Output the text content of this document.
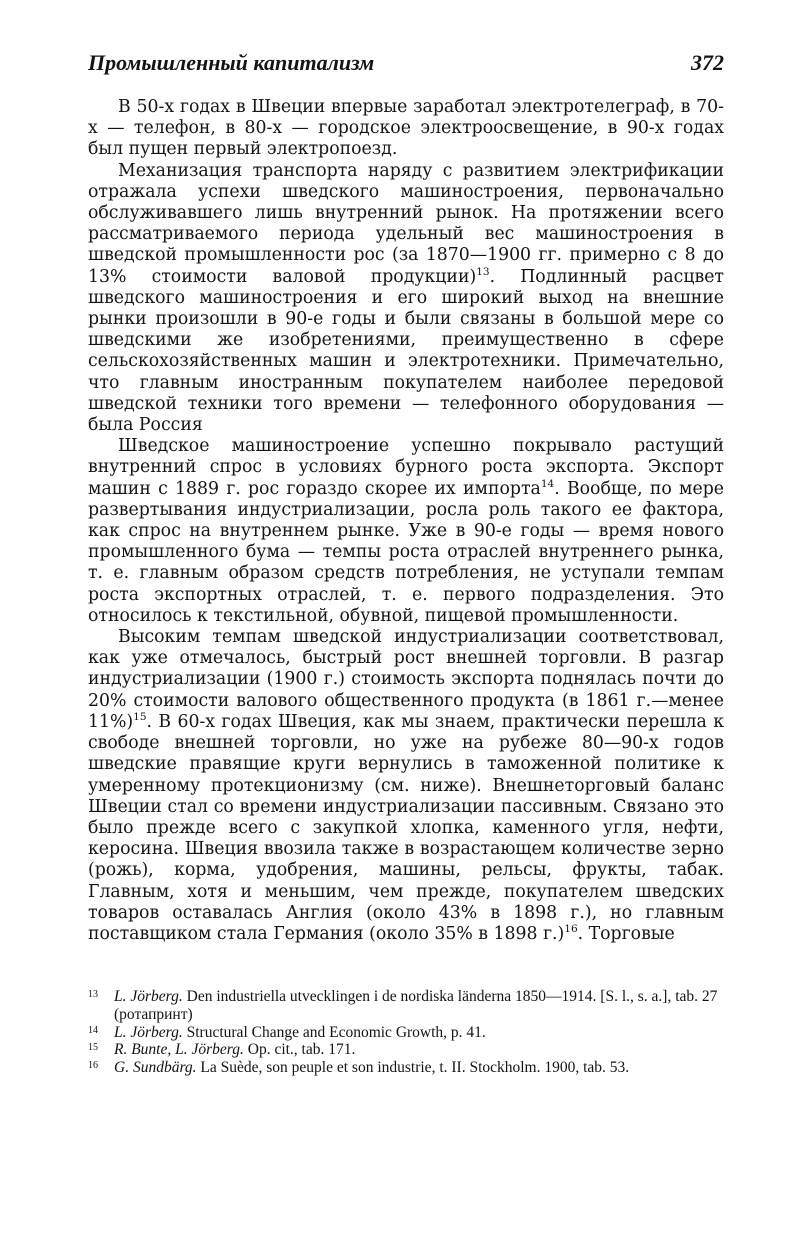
Промышленный капитализм	372

В 50-х годах в Швеции впервые заработал электротелеграф, в 70-х — телефон, в 80-х — городское электроосвещение, в 90-х годах был пущен первый электропоезд.

Механизация транспорта наряду с развитием электрификации отражала успехи шведского машиностроения, первоначально обслуживавшего лишь внутренний рынок. На протяжении всего рассматриваемого периода удельный вес машиностроения в шведской промышленности рос (за 1870—1900 гг. примерно с 8 до 13% стоимости валовой продукции)$^{13}$. Подлинный расцвет шведского машиностроения и его широкий выход на внешние рынки произошли в 90-е годы и были связаны в большой мере со шведскими же изобретениями, преимущественно в сфере сельскохозяйственных машин и электротехники. Примечательно, что главным иностранным покупателем наиболее передовой шведской техники того времени — телефонного оборудования — была Россия

Шведское машиностроение успешно покрывало растущий внутренний спрос в условиях бурного роста экспорта. Экспорт машин с 1889 г. рос гораздо скорее их импорта$^{14}$. Вообще, по мере развертывания индустриализации, росла роль такого ее фактора, как спрос на внутреннем рынке. Уже в 90-е годы — время нового промышленного бума — темпы роста отраслей внутреннего рынка, т. е. главным образом средств потребления, не уступали темпам роста экспортных отраслей, т. е. первого подразделения. Это относилось к текстильной, обувной, пищевой промышленности.

Высоким темпам шведской индустриализации соответствовал, как уже отмечалось, быстрый рост внешней торговли. В разгар индустриализации (1900 г.) стоимость экспорта поднялась почти до 20% стоимости валового общественного продукта (в 1861 г.—менее 11%)$^{15}$. В 60-х годах Швеция, как мы знаем, практически перешла к свободе внешней торговли, но уже на рубеже 80—90-х годов шведские правящие круги вернулись в таможенной политике к умеренному протекционизму (см. ниже). Внешнеторговый баланс Швеции стал со времени индустриализации пассивным. Связано это было прежде всего с закупкой хлопка, каменного угля, нефти, керосина. Швеция ввозила также в возрастающем количестве зерно (рожь), корма, удобрения, машины, рельсы, фрукты, табак. Главным, хотя и меньшим, чем прежде, покупателем шведских товаров оставалась Англия (около 43% в 1898 г.), но главным поставщиком стала Германия (около 35% в 1898 г.)$^{16}$. Торговые

13 L. Jörberg. Den industriella utvecklingen i de nordiska länderna 1850—1914. [S. l., s. a.], tab. 27 (ротапринт)
14 L. Jörberg. Structural Change and Economic Growth, p. 41.
15 R. Bunte, L. Jörberg. Op. cit., tab. 171.
16 G. Sundbärg. La Suède, son peuple et son industrie, t. II. Stockholm. 1900, tab. 53.
